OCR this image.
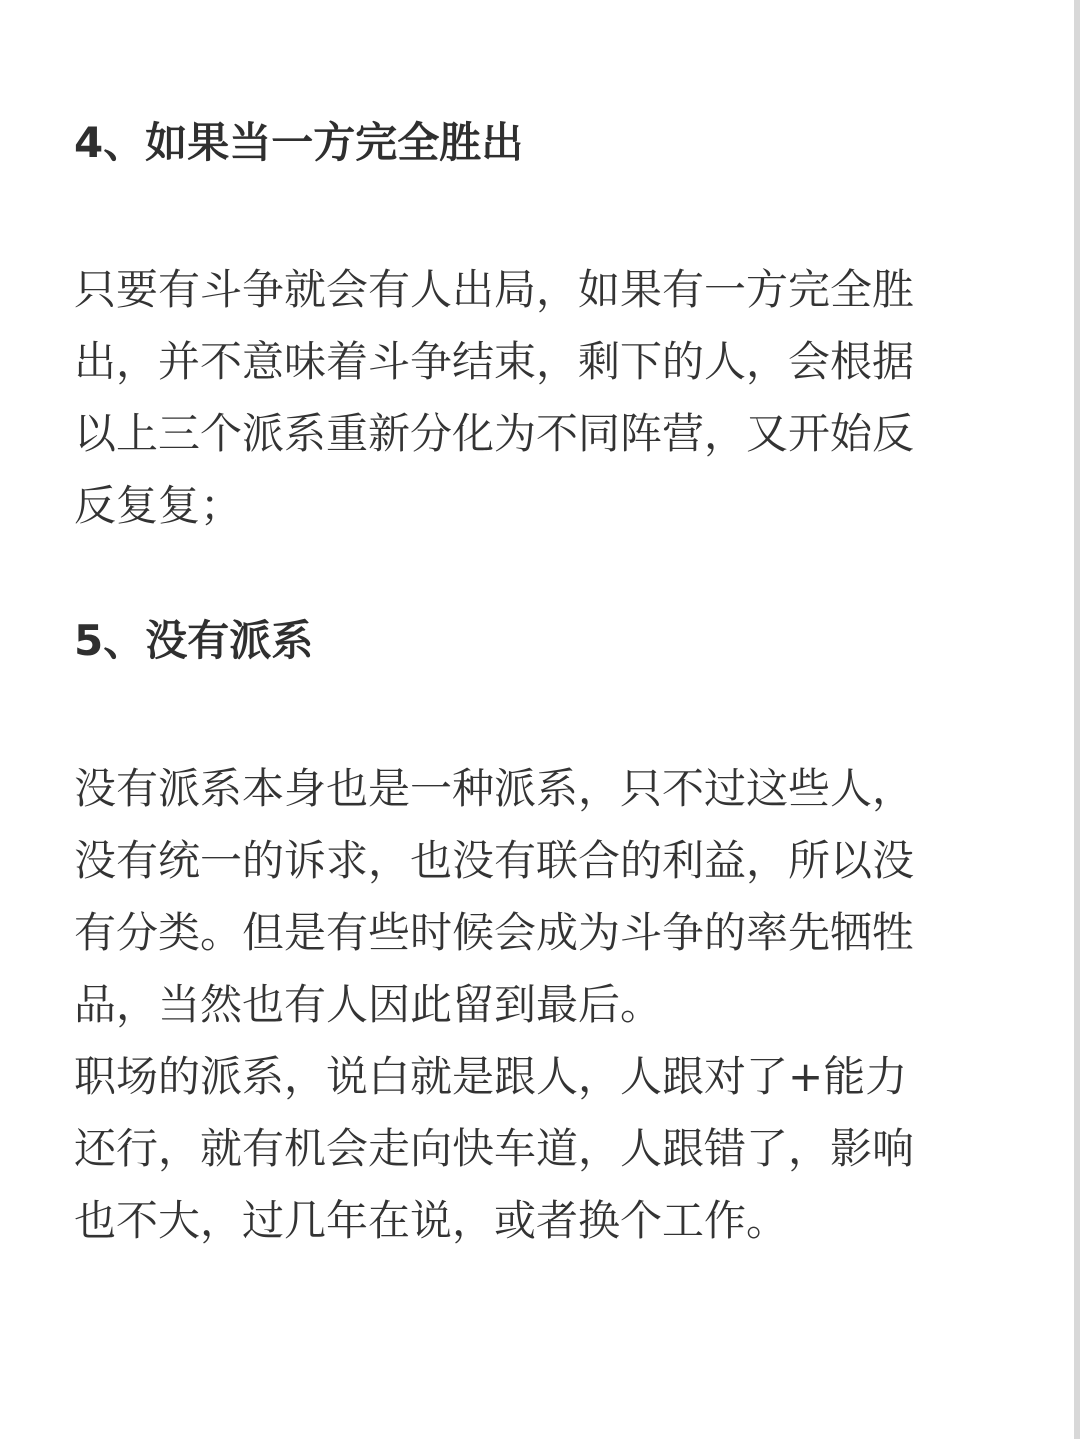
4、如果当一方完全胜出
只要有斗争就会有人出局，如果有一方完全胜
出，并不意味着斗争结束，剩下的人，会根据
以上三个派系重新分化为不同阵营，又开始反
反复复；
5、没有派系
没有派系本身也是一种派系，只不过这些人，
没有统一的诉求，也没有联合的利益，所以没
有分类。但是有些时候会成为斗争的率先牺牲
品，当然也有人因此留到最后。
职场的派系，说白就是跟人，人跟对了+能力
还行，就有机会走向快车道，人跟错了，影响
也不大，过几年在说，或者换个工作。
